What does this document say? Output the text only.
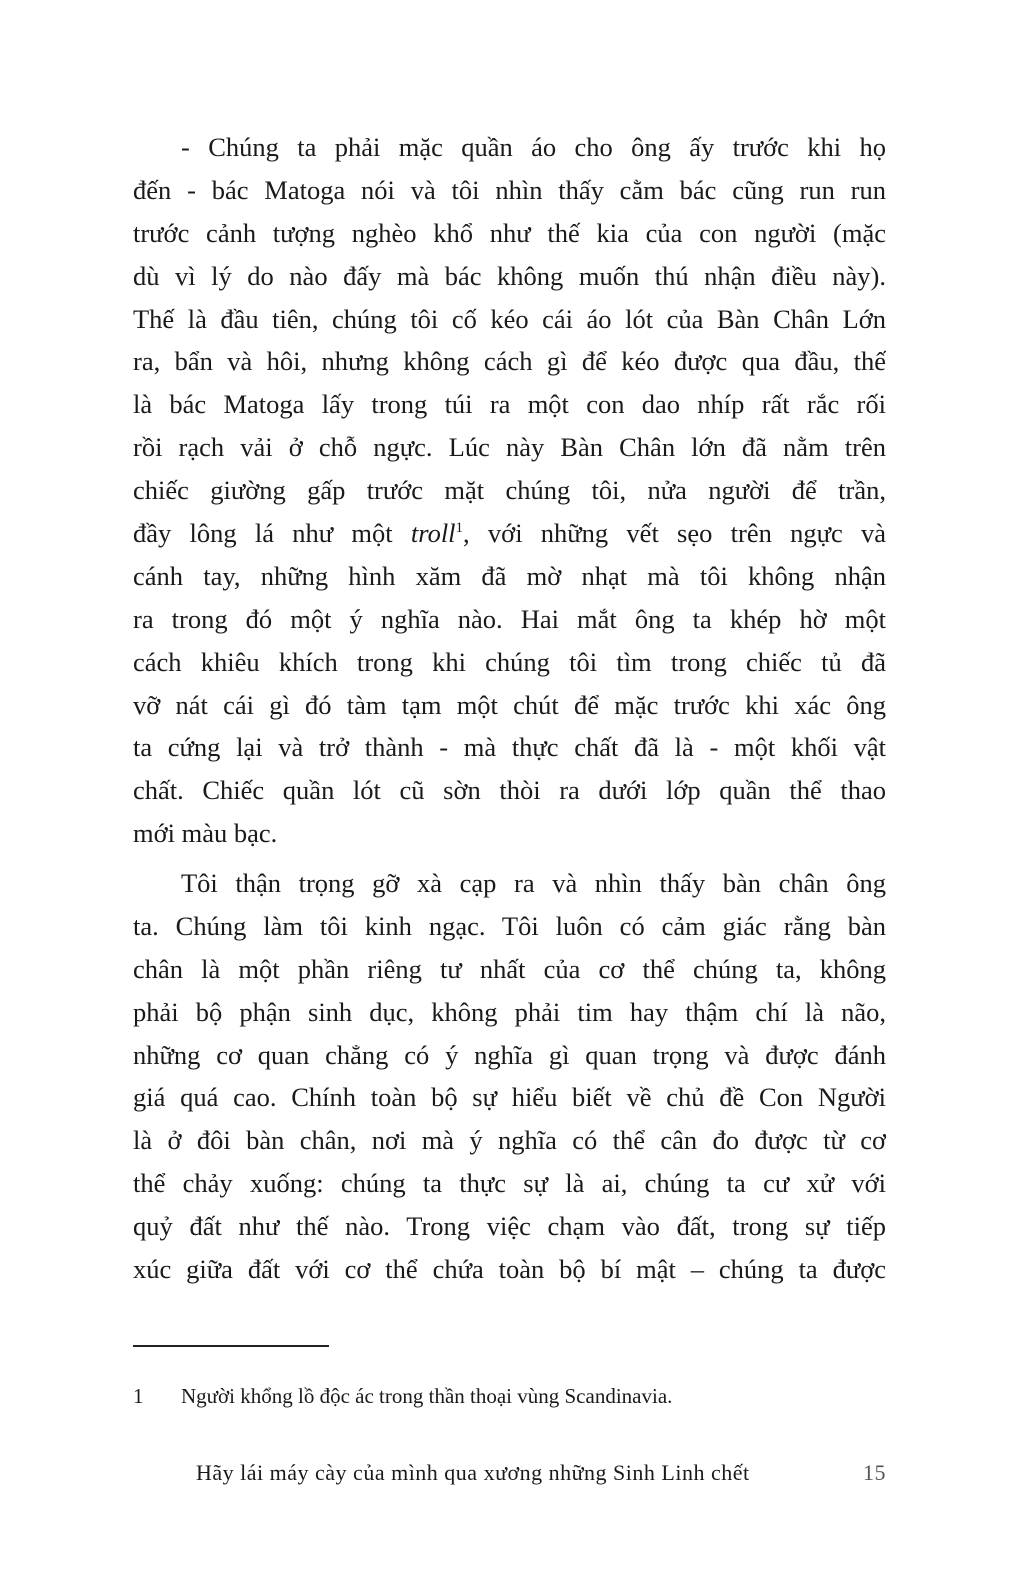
- Chúng ta phải mặc quần áo cho ông ấy trước khi họ
đến - bác Matoga nói và tôi nhìn thấy cằm bác cũng run run
trước cảnh tượng nghèo khổ như thế kia của con người (mặc
dù vì lý do nào đấy mà bác không muốn thú nhận điều này).
Thế là đầu tiên, chúng tôi cố kéo cái áo lót của Bàn Chân Lớn
ra, bẩn và hôi, nhưng không cách gì để kéo được qua đầu, thế
là bác Matoga lấy trong túi ra một con dao nhíp rất rắc rối
rồi rạch vải ở chỗ ngực. Lúc này Bàn Chân lớn đã nằm trên
chiếc giường gấp trước mặt chúng tôi, nửa người để trần,
đầy lông lá như một troll$^1$, với những vết sẹo trên ngực và
cánh tay, những hình xăm đã mờ nhạt mà tôi không nhận
ra trong đó một ý nghĩa nào. Hai mắt ông ta khép hờ một
cách khiêu khích trong khi chúng tôi tìm trong chiếc tủ đã
vỡ nát cái gì đó tàm tạm một chút để mặc trước khi xác ông
ta cứng lại và trở thành - mà thực chất đã là - một khối vật
chất. Chiếc quần lót cũ sờn thòi ra dưới lớp quần thể thao
mới màu bạc.
Tôi thận trọng gỡ xà cạp ra và nhìn thấy bàn chân ông
ta. Chúng làm tôi kinh ngạc. Tôi luôn có cảm giác rằng bàn
chân là một phần riêng tư nhất của cơ thể chúng ta, không
phải bộ phận sinh dục, không phải tim hay thậm chí là não,
những cơ quan chẳng có ý nghĩa gì quan trọng và được đánh
giá quá cao. Chính toàn bộ sự hiểu biết về chủ đề Con Người
là ở đôi bàn chân, nơi mà ý nghĩa có thể cân đo được từ cơ
thể chảy xuống: chúng ta thực sự là ai, chúng ta cư xử với
quỷ đất như thế nào. Trong việc chạm vào đất, trong sự tiếp
xúc giữa đất với cơ thể chứa toàn bộ bí mật – chúng ta được
1 Người khổng lồ độc ác trong thần thoại vùng Scandinavia.
Hãy lái máy cày của mình qua xương những Sinh Linh chết	15
